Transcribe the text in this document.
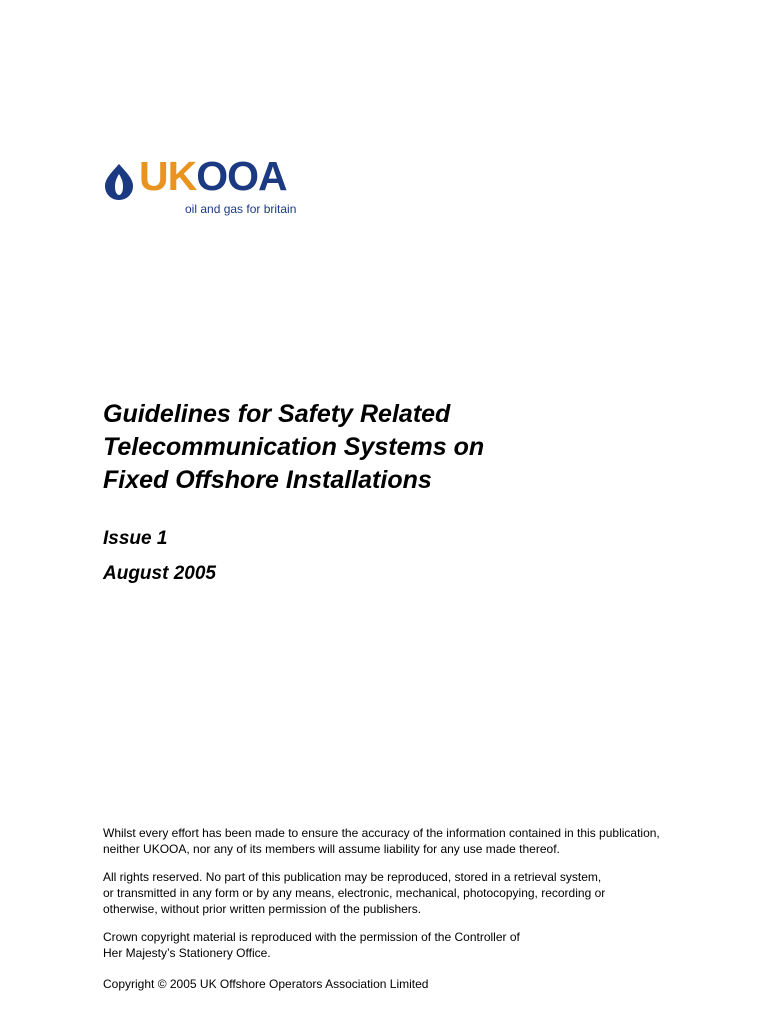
UKOOA
oil and gas for britain
Guidelines for Safety Related
Telecommunication Systems on
Fixed Offshore Installations
Issue 1
August 2005
Whilst every effort has been made to ensure the accuracy of the information contained in this publication,
neither UKOOA, nor any of its members will assume liability for any use made thereof.
All rights reserved. No part of this publication may be reproduced, stored in a retrieval system,
or transmitted in any form or by any means, electronic, mechanical, photocopying, recording or
otherwise, without prior written permission of the publishers.
Crown copyright material is reproduced with the permission of the Controller of
Her Majesty’s Stationery Office.
Copyright © 2005 UK Offshore Operators Association Limited
